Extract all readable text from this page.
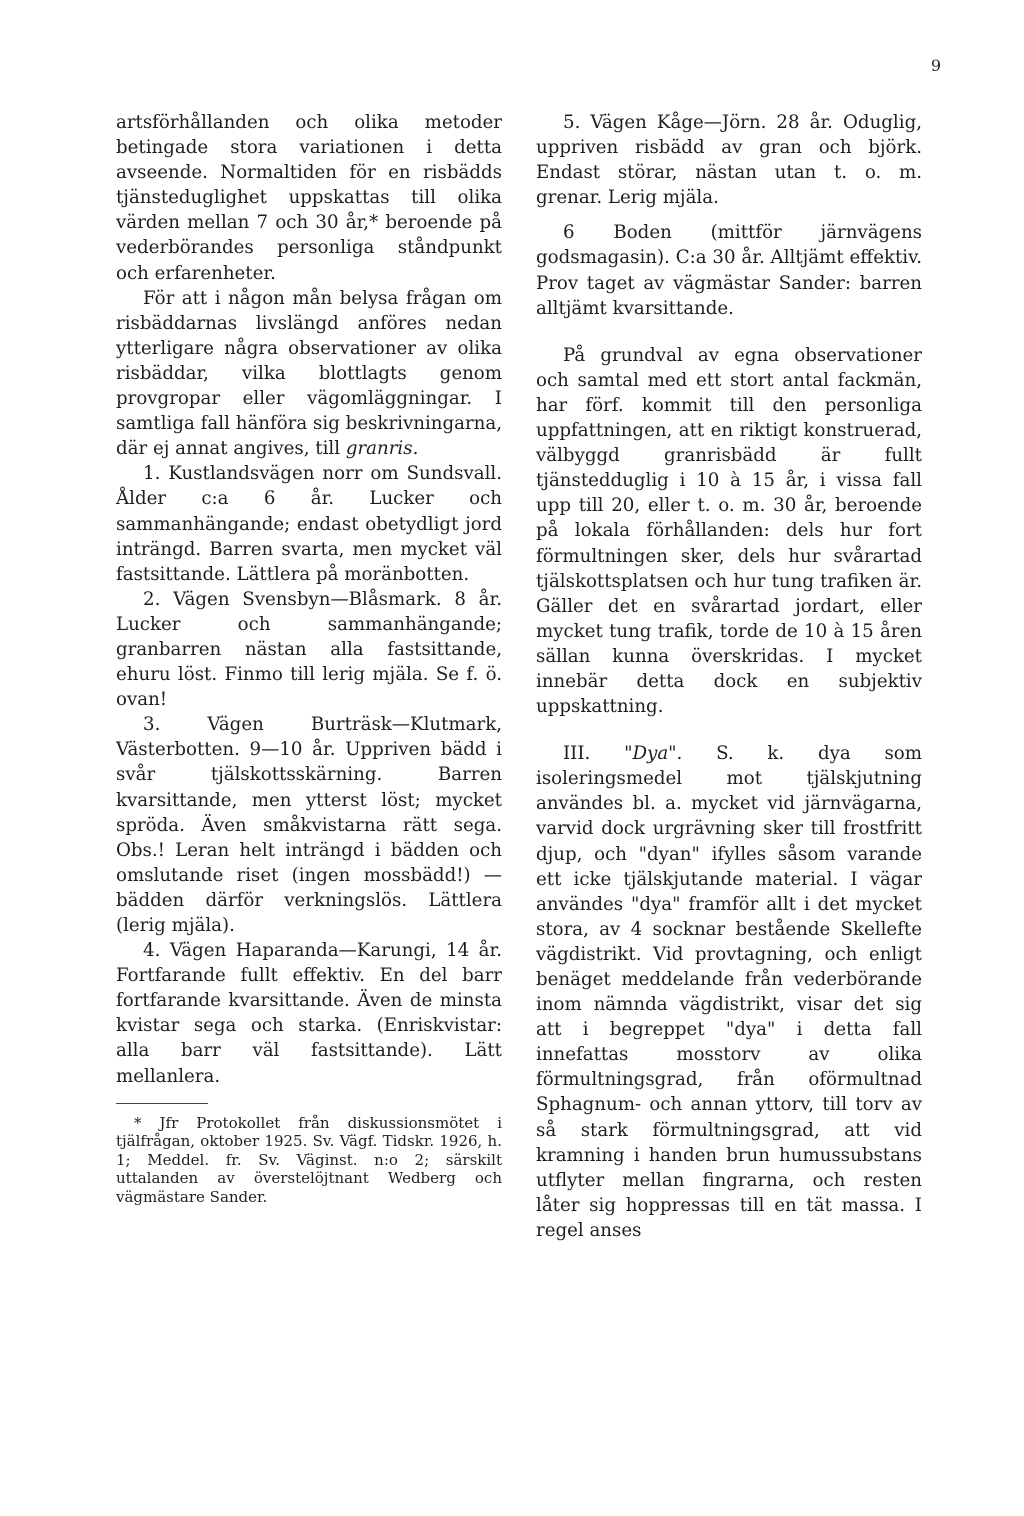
9

artsförhållanden och olika metoder betingade stora variationen i detta avseende. Normaltiden för en risbädds tjänsteduglighet uppskattas till olika värden mellan 7 och 30 år,* beroende på vederbörandes personliga ståndpunkt och erfarenheter.

För att i någon mån belysa frågan om risbäddarnas livslängd anföres nedan ytterligare några observationer av olika risbäddar, vilka blottlagts genom provgropar eller vägomläggningar. I samtliga fall hänföra sig beskrivningarna, där ej annat angives, till granris.

1. Kustlandsvägen norr om Sundsvall. Ålder c:a 6 år. Lucker och sammanhängande; endast obetydligt jord inträngd. Barren svarta, men mycket väl fastsittande. Lättlera på moränbotten.

2. Vägen Svensbyn—Blåsmark. 8 år. Lucker och sammanhängande; granbarren nästan alla fastsittande, ehuru löst. Finmo till lerig mjäla. Se f. ö. ovan!

3. Vägen Burträsk—Klutmark, Västerbotten. 9—10 år. Uppriven bädd i svår tjälskottsskärning. Barren kvarsittande, men ytterst löst; mycket spröda. Även småkvistarna rätt sega. Obs.! Leran helt inträngd i bädden och omslutande riset (ingen mossbädd!) — bädden därför verkningslös. Lättlera (lerig mjäla).

4. Vägen Haparanda—Karungi, 14 år. Fortfarande fullt effektiv. En del barr fortfarande kvarsittande. Även de minsta kvistar sega och starka. (Enriskvistar: alla barr väl fastsittande). Lätt mellanlera.

* Jfr Protokollet från diskussionsmötet i tjälfrågan, oktober 1925. Sv. Vägf. Tidskr. 1926, h. 1; Meddel. fr. Sv. Väginst. n:o 2; särskilt uttalanden av överstelöjtnant Wedberg och vägmästare Sander.

5. Vägen Kåge—Jörn. 28 år. Oduglig, uppriven risbädd av gran och björk. Endast störar, nästan utan t. o. m. grenar. Lerig mjäla.

6 Boden (mittför järnvägens godsmagasin). C:a 30 år. Alltjämt effektiv. Prov taget av vägmästar Sander: barren alltjämt kvarsittande.

På grundval av egna observationer och samtal med ett stort antal fackmän, har förf. kommit till den personliga uppfattningen, att en riktigt konstruerad, välbyggd granrisbädd är fullt tjänstedduglig i 10 à 15 år, i vissa fall upp till 20, eller t. o. m. 30 år, beroende på lokala förhållanden: dels hur fort förmultningen sker, dels hur svårartad tjälskottsplatsen och hur tung trafiken är. Gäller det en svårartad jordart, eller mycket tung trafik, torde de 10 à 15 åren sällan kunna överskridas. I mycket innebär detta dock en subjektiv uppskattning.

III. "Dya". S. k. dya som isoleringsmedel mot tjälskjutning användes bl. a. mycket vid järnvägarna, varvid dock urgrävning sker till frostfritt djup, och "dyan" ifylles såsom varande ett icke tjälskjutande material. I vägar användes "dya" framför allt i det mycket stora, av 4 socknar bestående Skellefte vägdistrikt. Vid provtagning, och enligt benäget meddelande från vederbörande inom nämnda vägdistrikt, visar det sig att i begreppet "dya" i detta fall innefattas mosstorv av olika förmultningsgrad, från oförmultnad Sphagnum- och annan yttorv, till torv av så stark förmultningsgrad, att vid kramning i handen brun humussubstans utflyter mellan fingrarna, och resten låter sig hoppressas till en tät massa. I regel anses
